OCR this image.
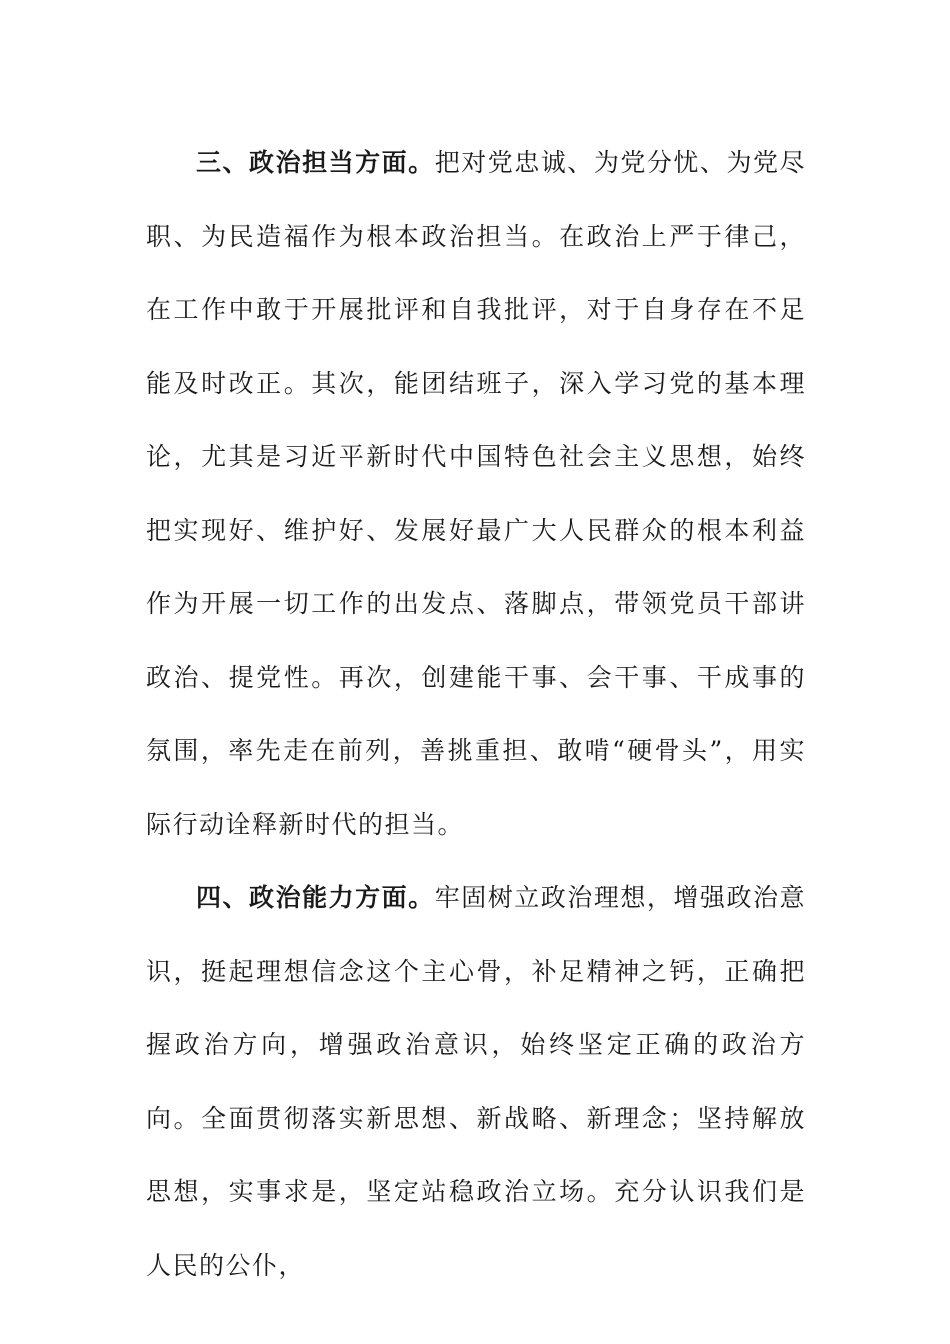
三、政治担当方面。把对党忠诚、为党分忧、为党尽职、为民造福作为根本政治担当。在政治上严于律己，在工作中敢于开展批评和自我批评，对于自身存在不足能及时改正。其次，能团结班子，深入学习党的基本理论，尤其是习近平新时代中国特色社会主义思想，始终把实现好、维护好、发展好最广大人民群众的根本利益作为开展一切工作的出发点、落脚点，带领党员干部讲政治、提党性。再次，创建能干事、会干事、干成事的氛围，率先走在前列，善挑重担、敢啃“硬骨头”，用实际行动诠释新时代的担当。

四、政治能力方面。牢固树立政治理想，增强政治意识，挺起理想信念这个主心骨，补足精神之钙，正确把握政治方向，增强政治意识，始终坚定正确的政治方向。全面贯彻落实新思想、新战略、新理念；坚持解放思想，实事求是，坚定站稳政治立场。充分认识我们是人民的公仆，
